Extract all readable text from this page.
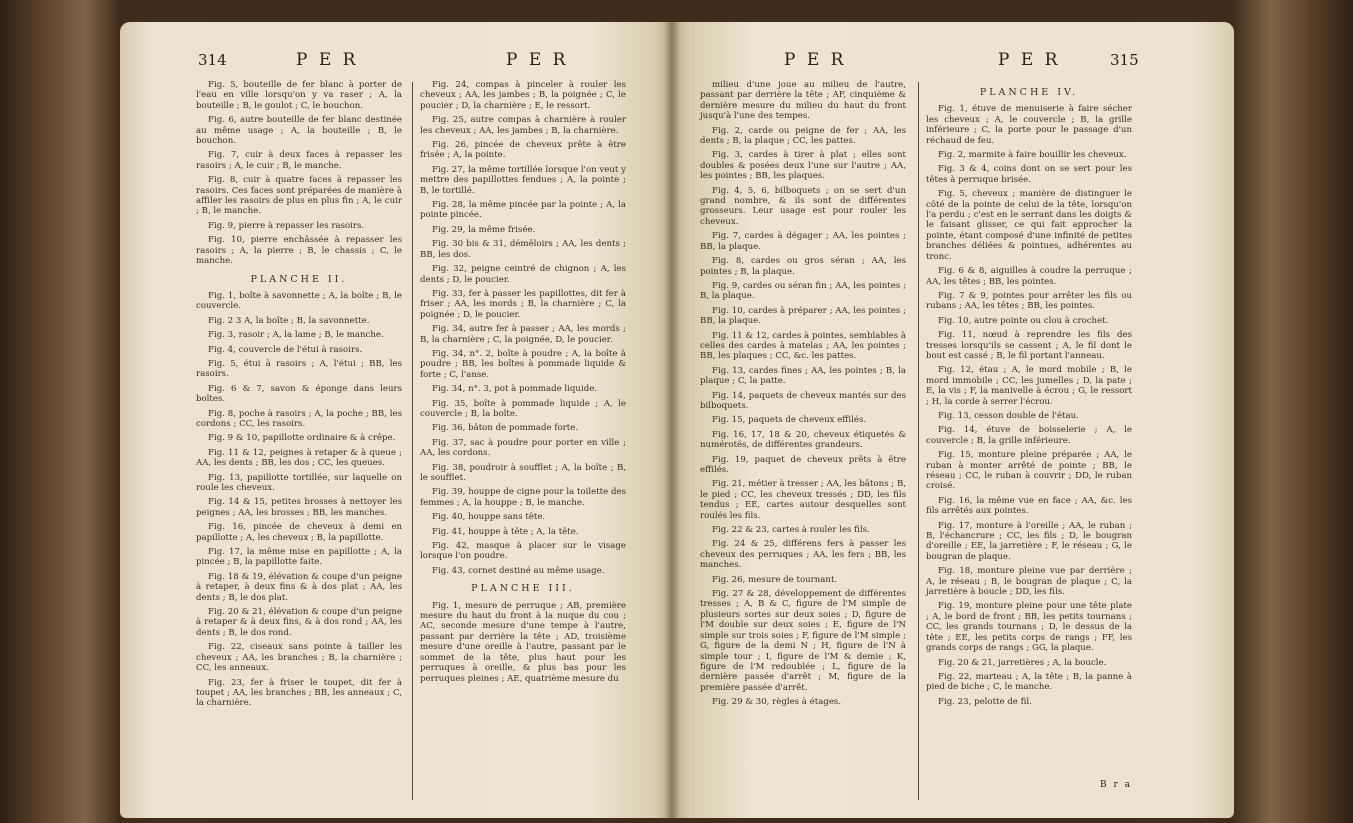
314	P E R	P E R

Fig. 5, bouteille de fer blanc à porter de l'eau en ville lorsqu'on y va raser ; A, la bouteille ; B, le goulot ; C, le bouchon.

Fig. 6, autre bouteille de fer blanc destinée au même usage ; A, la bouteille ; B, le bouchon.

Fig. 7, cuir à deux faces à repasser les rasoirs ; A, le cuir ; B, le manche.

Fig. 8, cuir à quatre faces à repasser les rasoirs. Ces faces sont préparées de manière à affiler les rasoirs de plus en plus fin ; A, le cuir ; B, le manche.

Fig. 9, pierre à repasser les rasoirs.

Fig. 10, pierre enchâssée à repasser les rasoirs ; A, la pierre ; B, le chassis ; C, le manche.

PLANCHE II.

Fig. 1, boîte à savonnette ; A, la boîte ; B, le couvercle.

Fig. 2 3 A, la boîte ; B, la savonnette.

Fig. 3, rasoir ; A, la lame ; B, le manche.

Fig. 4, couvercle de l'étui à rasoirs.

Fig. 5, étui à rasoirs ; A, l'étui ; BB, les rasoirs.

Fig. 6 & 7, savon & éponge dans leurs boîtes.

Fig. 8, poche à rasoirs ; A, la poche ; BB, les cordons ; CC, les rasoirs.

Fig. 9 & 10, papillotte ordinaire & à crêpe.

Fig. 11 & 12, peignes à retaper & à queue ; AA, les dents ; BB, les dos ; CC, les queues.

Fig. 13, papillotte tortillée, sur laquelle on roule les cheveux.

Fig. 14 & 15, petites brosses à nettoyer les peignes ; AA, les brosses ; BB, les manches.

Fig. 16, pincée de cheveux à demi en papillotte ; A, les cheveux ; B, la papillotte.

Fig. 17, la même mise en papillotte ; A, la pincée ; B, la papillotte faite.

Fig. 18 & 19, élévation & coupe d'un peigne à retaper, à deux fins & à dos plat ; AA, les dents ; B, le dos plat.

Fig. 20 & 21, élévation & coupe d'un peigne à retaper & à deux fins, & à dos rond ; AA, les dents ; B, le dos rond.

Fig. 22, ciseaux sans pointe à tailler les cheveux ; AA, les branches ; B, la charnière ; CC, les anneaux.

Fig. 23, fer à friser le toupet, dit fer à toupet ; AA, les branches ; BB, les anneaux ; C, la charnière.

Fig. 24, compas à pinceler à rouler les cheveux ; AA, les jambes ; B, la poignée ; C, le poucier ; D, la charnière ; E, le ressort.

Fig. 25, autre compas à charnière à rouler les cheveux ; AA, les jambes ; B, la charnière.

Fig. 26, pincée de cheveux prête à être frisée ; A, la pointe.

Fig. 27, la même tortillée lorsque l'on veut y mettre des papillottes fendues ; A, la pointe ; B, le tortillé.

Fig. 28, la même pincée par la pointe ; A, la pointe pincée.

Fig. 29, la même frisée.

Fig. 30 bis & 31, démêloirs ; AA, les dents ; BB, les dos.

Fig. 32, peigne ceintré de chignon ; A, les dents ; D, le poucier.

Fig. 33, fer à passer les papillottes, dit fer à friser ; AA, les mords ; B, la charnière ; C, la poignée ; D, le poucier.

Fig. 34, autre fer à passer ; AA, les mords ; B, la charnière ; C, la poignée, D, le poucier.

Fig. 34, n°. 2, boîte à poudre ; A, la boîte à poudre ; BB, les boîtes à pommade liquide & forte ; C, l'anse.

Fig. 34, n°. 3, pot à pommade liquide.

Fig. 35, boîte à pommade liquide ; A, le couvercle ; B, la boîte.

Fig. 36, bâton de pommade forte.

Fig. 37, sac à poudre pour porter en ville ; AA, les cordons.

Fig. 38, poudroir à soufflet ; A, la boîte ; B, le soufflet.

Fig. 39, houppe de cigne pour la toilette des femmes ; A, la houppe ; B, le manche.

Fig. 40, houppe sans tête.

Fig. 41, houppe à tête ; A, la tête.

Fig. 42, masque à placer sur le visage lorsque l'on poudre.

Fig. 43, cornet destiné au même usage.

PLANCHE III.

Fig. 1, mesure de perruque ; AB, première mesure du haut du front à la nuque du cou ; AC, seconde mesure d'une tempe à l'autre, passant par derrière la tête ; AD, troisième mesure d'une oreille à l'autre, passant par le sommet de la tête, plus haut pour les perruques à oreille, & plus bas pour les perruques pleines ; AE, quatrième mesure du

P E R	P E R	315

milieu d'une joue au milieu de l'autre, passant par derrière la tête ; AF, cinquième & dernière mesure du milieu du haut du front jusqu'à l'une des tempes.

Fig. 2, carde ou peigne de fer ; AA, les dents ; B, la plaque ; CC, les pattes.

Fig. 3, cardes à tirer à plat ; elles sont doubles & posées deux l'une sur l'autre ; AA, les pointes ; BB, les plaques.

Fig. 4, 5, 6, bilboquets ; on se sert d'un grand nombre, & ils sont de différentes grosseurs. Leur usage est pour rouler les cheveux.

Fig. 7, cardes à dégager ; AA, les pointes ; BB, la plaque.

Fig. 8, cardes ou gros séran ; AA, les pointes ; B, la plaque.

Fig. 9, cardes ou séran fin ; AA, les pointes ; B, la plaque.

Fig. 10, cardes à préparer ; AA, les pointes ; BB, la plaque.

Fig. 11 & 12, cardes à pointes, semblables à celles des cardes à matelas ; AA, les pointes ; BB, les plaques ; CC, &c. les pattes.

Fig. 13, cardes fines ; AA, les pointes ; B, la plaque ; C, la patte.

Fig. 14, paquets de cheveux mantés sur des bilboquets.

Fig. 15, paquets de cheveux effilés.

Fig. 16, 17, 18 & 20, cheveux étiquetés & numérotés, de différentes grandeurs.

Fig. 19, paquet de cheveux prêts à être effilés.

Fig. 21, métier à tresser ; AA, les bâtons ; B, le pied ; CC, les cheveux tressés ; DD, les fils tendus ; EE, cartes autour desquelles sont roulés les fils.

Fig. 22 & 23, cartes à rouler les fils.

Fig. 24 & 25, différens fers à passer les cheveux des perruques ; AA, les fers ; BB, les manches.

Fig. 26, mesure de tournant.

Fig. 27 & 28, développement de différentes tresses ; A, B & C, figure de l'M simple de plusieurs sortes sur deux soies ; D, figure de l'M double sur deux soies ; E, figure de l'N simple sur trois soies ; F, figure de l'M simple ; G, figure de la demi N ; H, figure de l'N à simple tour ; I, figure de l'M & demie ; K, figure de l'M redoublée ; L, figure de la dernière passée d'arrêt ; M, figure de la première passée d'arrêt.

Fig. 29 & 30, règles à étages.

PLANCHE IV.

Fig. 1, étuve de menuiserie à faire sécher les cheveux ; A, le couvercle ; B, la grille inférieure ; C, la porte pour le passage d'un réchaud de feu.

Fig. 2, marmite à faire bouillir les cheveux.

Fig. 3 & 4, coins dont on se sert pour les têtes à perruque brisée.

Fig. 5, cheveux ; manière de distinguer le côté de la pointe de celui de la tête, lorsqu'on l'a perdu ; c'est en le serrant dans les doigts & le faisant glisser, ce qui fait approcher la pointe, étant composé d'une infinité de petites branches déliées & pointues, adhérentes au tronc.

Fig. 6 & 8, aiguilles à coudre la perruque ; AA, les têtes ; BB, les pointes.

Fig. 7 & 9, pointes pour arrêter les fils ou rubans ; AA, les têtes ; BB, les pointes.

Fig. 10, autre pointe ou clou à crochet.

Fig. 11, nœud à reprendre les fils des tresses lorsqu'ils se cassent ; A, le fil dont le bout est cassé ; B, le fil portant l'anneau.

Fig. 12, étau ; A, le mord mobile ; B, le mord immobile ; CC, les jumelles ; D, la pate ; E, la vis ; F, la manivelle à écrou ; G, le ressort ; H, la corde à serrer l'écrou.

Fig. 13, cesson double de l'étau.

Fig. 14, étuve de boisselerie ; A, le couvercle ; B, la grille inférieure.

Fig. 15, monture pleine préparée ; AA, le ruban à monter arrêté de pointe ; BB, le réseau ; CC, le ruban à couvrir ; DD, le ruban croisé.

Fig. 16, la même vue en face ; AA, &c. les fils arrêtés aux pointes.

Fig. 17, monture à l'oreille ; AA, le ruban ; B, l'échancrure ; CC, les fils ; D, le bougran d'oreille ; EE, la jarretière ; F, le réseau ; G, le bougran de plaque.

Fig. 18, monture pleine vue par derrière ; A, le réseau ; B, le bougran de plaque ; C, la jarretière à boucle ; DD, les fils.

Fig. 19, monture pleine pour une tête plate ; A, le bord de front ; BB, les petits tournans ; CC, les grands tournans ; D, le dessus de la tête ; EE, les petits corps de rangs ; FF, les grands corps de rangs ; GG, la plaque.

Fig. 20 & 21, jarretières ; A, la boucle.

Fig. 22, marteau ; A, la tête ; B, la panne à pied de biche ; C, le manche.

Fig. 23, pelotte de fil.

B r a
